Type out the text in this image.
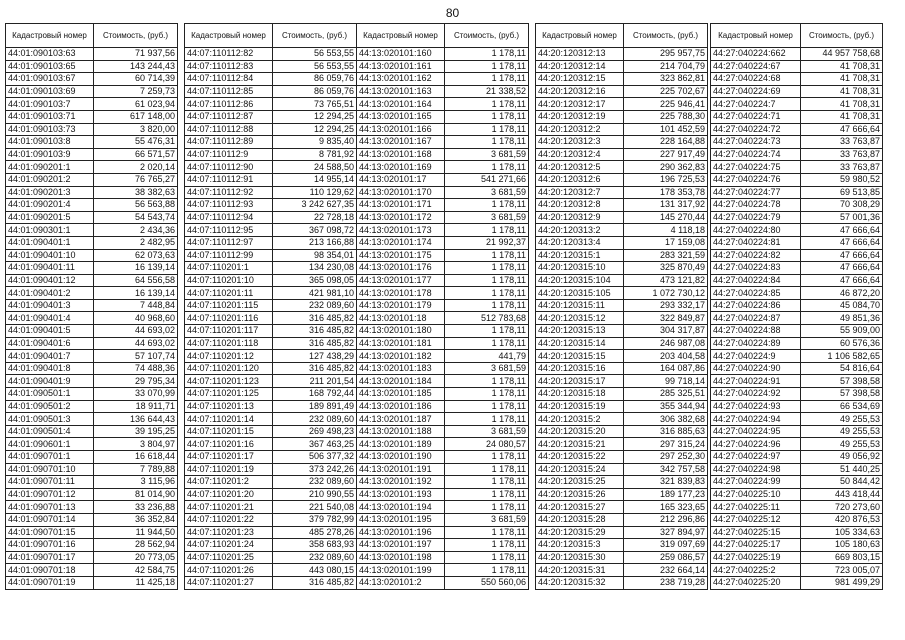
80
Кадастровый номер	Стоимость, (руб.)
44:01:090103:63	71 937,56
44:01:090103:65	143 244,43
44:01:090103:67	60 714,39
44:01:090103:69	7 259,73
44:01:090103:7	61 023,94
44:01:090103:71	617 148,00
44:01:090103:73	3 820,00
44:01:090103:8	55 476,31
44:01:090103:9	66 571,57
44:01:090201:1	2 020,14
44:01:090201:2	76 765,27
44:01:090201:3	38 382,63
44:01:090201:4	56 563,88
44:01:090201:5	54 543,74
44:01:090301:1	2 434,36
44:01:090401:1	2 482,95
44:01:090401:10	62 073,63
44:01:090401:11	16 139,14
44:01:090401:12	64 556,58
44:01:090401:2	16 139,14
44:01:090401:3	7 448,84
44:01:090401:4	40 968,60
44:01:090401:5	44 693,02
44:01:090401:6	44 693,02
44:01:090401:7	57 107,74
44:01:090401:8	74 488,36
44:01:090401:9	29 795,34
44:01:090501:1	33 070,99
44:01:090501:2	18 911,71
44:01:090501:3	136 644,43
44:01:090501:4	39 195,25
44:01:090601:1	3 804,97
44:01:090701:1	16 618,44
44:01:090701:10	7 789,88
44:01:090701:11	3 115,96
44:01:090701:12	81 014,90
44:01:090701:13	33 236,88
44:01:090701:14	36 352,84
44:01:090701:15	11 944,50
44:01:090701:16	28 562,94
44:01:090701:17	20 773,05
44:01:090701:18	42 584,75
44:01:090701:19	11 425,18
Кадастровый номер	Стоимость, (руб.)
44:07:110112:82	56 553,55
44:07:110112:83	56 553,55
44:07:110112:84	86 059,76
44:07:110112:85	86 059,76
44:07:110112:86	73 765,51
44:07:110112:87	12 294,25
44:07:110112:88	12 294,25
44:07:110112:89	9 835,40
44:07:110112:9	8 781,92
44:07:110112:90	24 588,50
44:07:110112:91	14 955,14
44:07:110112:92	110 129,62
44:07:110112:93	3 242 627,35
44:07:110112:94	22 728,18
44:07:110112:95	367 098,72
44:07:110112:97	213 166,88
44:07:110112:99	98 354,01
44:07:110201:1	134 230,08
44:07:110201:10	365 098,05
44:07:110201:11	421 981,10
44:07:110201:115	232 089,60
44:07:110201:116	316 485,82
44:07:110201:117	316 485,82
44:07:110201:118	316 485,82
44:07:110201:12	127 438,29
44:07:110201:120	316 485,82
44:07:110201:123	211 201,54
44:07:110201:125	168 792,44
44:07:110201:13	189 891,49
44:07:110201:14	232 089,60
44:07:110201:15	269 498,23
44:07:110201:16	367 463,25
44:07:110201:17	506 377,32
44:07:110201:19	373 242,26
44:07:110201:2	232 089,60
44:07:110201:20	210 990,55
44:07:110201:21	221 540,08
44:07:110201:22	379 782,99
44:07:110201:23	485 278,26
44:07:110201:24	358 683,93
44:07:110201:25	232 089,60
44:07:110201:26	443 080,15
44:07:110201:27	316 485,82
Кадастровый номер	Стоимость, (руб.)
44:13:020101:160	1 178,11
44:13:020101:161	1 178,11
44:13:020101:162	1 178,11
44:13:020101:163	21 338,52
44:13:020101:164	1 178,11
44:13:020101:165	1 178,11
44:13:020101:166	1 178,11
44:13:020101:167	1 178,11
44:13:020101:168	3 681,59
44:13:020101:169	1 178,11
44:13:020101:17	541 271,66
44:13:020101:170	3 681,59
44:13:020101:171	1 178,11
44:13:020101:172	3 681,59
44:13:020101:173	1 178,11
44:13:020101:174	21 992,37
44:13:020101:175	1 178,11
44:13:020101:176	1 178,11
44:13:020101:177	1 178,11
44:13:020101:178	1 178,11
44:13:020101:179	1 178,11
44:13:020101:18	512 783,68
44:13:020101:180	1 178,11
44:13:020101:181	1 178,11
44:13:020101:182	441,79
44:13:020101:183	3 681,59
44:13:020101:184	1 178,11
44:13:020101:185	1 178,11
44:13:020101:186	1 178,11
44:13:020101:187	1 178,11
44:13:020101:188	3 681,59
44:13:020101:189	24 080,57
44:13:020101:190	1 178,11
44:13:020101:191	1 178,11
44:13:020101:192	1 178,11
44:13:020101:193	1 178,11
44:13:020101:194	1 178,11
44:13:020101:195	3 681,59
44:13:020101:196	1 178,11
44:13:020101:197	1 178,11
44:13:020101:198	1 178,11
44:13:020101:199	1 178,11
44:13:020101:2	550 560,06
Кадастровый номер	Стоимость, (руб.)
44:20:120312:13	295 957,75
44:20:120312:14	214 704,79
44:20:120312:15	323 862,81
44:20:120312:16	225 702,67
44:20:120312:17	225 946,41
44:20:120312:19	225 788,30
44:20:120312:2	101 452,59
44:20:120312:3	228 164,88
44:20:120312:4	227 917,49
44:20:120312:5	290 362,83
44:20:120312:6	196 725,53
44:20:120312:7	178 353,78
44:20:120312:8	131 317,92
44:20:120312:9	145 270,44
44:20:120313:2	4 118,18
44:20:120313:4	17 159,08
44:20:120315:1	283 321,59
44:20:120315:10	325 870,49
44:20:120315:104	473 121,82
44:20:120315:105	1 072 730,12
44:20:120315:11	293 332,17
44:20:120315:12	322 849,87
44:20:120315:13	304 317,87
44:20:120315:14	246 987,08
44:20:120315:15	203 404,58
44:20:120315:16	164 087,86
44:20:120315:17	99 718,14
44:20:120315:18	285 325,51
44:20:120315:19	355 344,94
44:20:120315:2	306 382,68
44:20:120315:20	316 885,63
44:20:120315:21	297 315,24
44:20:120315:22	297 252,30
44:20:120315:24	342 757,58
44:20:120315:25	321 839,83
44:20:120315:26	189 177,23
44:20:120315:27	165 323,65
44:20:120315:28	212 296,86
44:20:120315:29	327 894,97
44:20:120315:3	319 097,69
44:20:120315:30	259 086,57
44:20:120315:31	232 664,14
44:20:120315:32	238 719,28
Кадастровый номер	Стоимость, (руб.)
44:27:040224:662	44 957 758,68
44:27:040224:67	41 708,31
44:27:040224:68	41 708,31
44:27:040224:69	41 708,31
44:27:040224:7	41 708,31
44:27:040224:71	41 708,31
44:27:040224:72	47 666,64
44:27:040224:73	33 763,87
44:27:040224:74	33 763,87
44:27:040224:75	33 763,87
44:27:040224:76	59 980,52
44:27:040224:77	69 513,85
44:27:040224:78	70 308,29
44:27:040224:79	57 001,36
44:27:040224:80	47 666,64
44:27:040224:81	47 666,64
44:27:040224:82	47 666,64
44:27:040224:83	47 666,64
44:27:040224:84	47 666,64
44:27:040224:85	46 872,20
44:27:040224:86	45 084,70
44:27:040224:87	49 851,36
44:27:040224:88	55 909,00
44:27:040224:89	60 576,36
44:27:040224:9	1 106 582,65
44:27:040224:90	54 816,64
44:27:040224:91	57 398,58
44:27:040224:92	57 398,58
44:27:040224:93	66 534,69
44:27:040224:94	49 255,53
44:27:040224:95	49 255,53
44:27:040224:96	49 255,53
44:27:040224:97	49 056,92
44:27:040224:98	51 440,25
44:27:040224:99	50 844,42
44:27:040225:10	443 418,44
44:27:040225:11	720 273,60
44:27:040225:12	420 876,53
44:27:040225:15	105 334,63
44:27:040225:17	105 180,63
44:27:040225:19	669 803,15
44:27:040225:2	723 005,07
44:27:040225:20	981 499,29
